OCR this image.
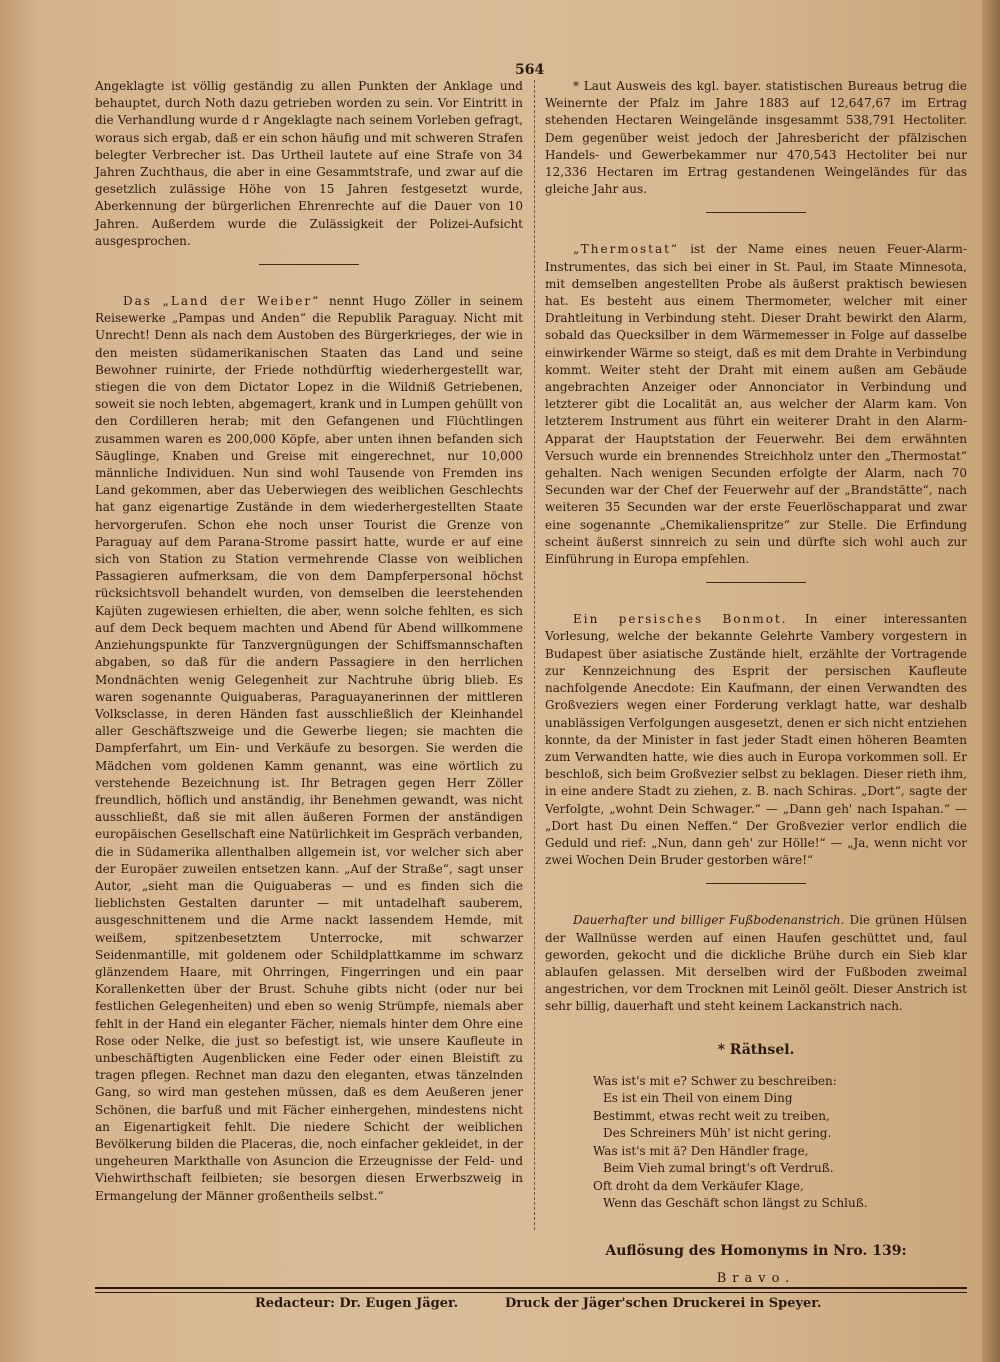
564

Angeklagte ist völlig geständig zu allen Punkten der Anklage und behauptet, durch Noth dazu getrieben worden zu sein. Vor Eintritt in die Verhandlung wurde d r Angeklagte nach seinem Vorleben gefragt, woraus sich ergab, daß er ein schon häufig und mit schweren Strafen belegter Verbrecher ist. Das Urtheil lautete auf eine Strafe von 34 Jahren Zuchthaus, die aber in eine Gesammtstrafe, und zwar auf die gesetzlich zulässige Höhe von 15 Jahren festgesetzt wurde, Aberkennung der bürgerlichen Ehrenrechte auf die Dauer von 10 Jahren. Außerdem wurde die Zulässigkeit der Polizei-Aufsicht ausgesprochen.

Das „Land der Weiber“ nennt Hugo Zöller in seinem Reisewerke „Pampas und Anden“ die Republik Paraguay. Nicht mit Unrecht! Denn als nach dem Austoben des Bürgerkrieges, der wie in den meisten südamerikanischen Staaten das Land und seine Bewohner ruinirte, der Friede nothdürftig wiederhergestellt war, stiegen die von dem Dictator Lopez in die Wildniß Getriebenen, soweit sie noch lebten, abgemagert, krank und in Lumpen gehüllt von den Cordilleren herab; mit den Gefangenen und Flüchtlingen zusammen waren es 200,000 Köpfe, aber unten ihnen befanden sich Säuglinge, Knaben und Greise mit eingerechnet, nur 10,000 männliche Individuen. Nun sind wohl Tausende von Fremden ins Land gekommen, aber das Ueberwiegen des weiblichen Geschlechts hat ganz eigenartige Zustände in dem wiederhergestellten Staate hervorgerufen. Schon ehe noch unser Tourist die Grenze von Paraguay auf dem Parana-Strome passirt hatte, wurde er auf eine sich von Station zu Station vermehrende Classe von weiblichen Passagieren aufmerksam, die von dem Dampferpersonal höchst rücksichtsvoll behandelt wurden, von demselben die leerstehenden Kajüten zugewiesen erhielten, die aber, wenn solche fehlten, es sich auf dem Deck bequem machten und Abend für Abend willkommene Anziehungspunkte für Tanzvergnügungen der Schiffsmannschaften abgaben, so daß für die andern Passagiere in den herrlichen Mondnächten wenig Gelegenheit zur Nachtruhe übrig blieb. Es waren sogenannte Quiguaberas, Paraguayanerinnen der mittleren Volksclasse, in deren Händen fast ausschließlich der Kleinhandel aller Geschäftszweige und die Gewerbe liegen; sie machten die Dampferfahrt, um Ein- und Verkäufe zu besorgen. Sie werden die Mädchen vom goldenen Kamm genannt, was eine wörtlich zu verstehende Bezeichnung ist. Ihr Betragen gegen Herr Zöller freundlich, höflich und anständig, ihr Benehmen gewandt, was nicht ausschließt, daß sie mit allen äußeren Formen der anständigen europäischen Gesellschaft eine Natürlichkeit im Gespräch verbanden, die in Südamerika allenthalben allgemein ist, vor welcher sich aber der Europäer zuweilen entsetzen kann. „Auf der Straße“, sagt unser Autor, „sieht man die Quiguaberas — und es finden sich die lieblichsten Gestalten darunter — mit untadelhaft sauberem, ausgeschnittenem und die Arme nackt lassendem Hemde, mit weißem, spitzenbesetztem Unterrocke, mit schwarzer Seidenmantille, mit goldenem oder Schildplattkamme im schwarz glänzendem Haare, mit Ohrringen, Fingerringen und ein paar Korallenketten über der Brust. Schuhe gibts nicht (oder nur bei festlichen Gelegenheiten) und eben so wenig Strümpfe, niemals aber fehlt in der Hand ein eleganter Fächer, niemals hinter dem Ohre eine Rose oder Nelke, die just so befestigt ist, wie unsere Kaufleute in unbeschäftigten Augenblicken eine Feder oder einen Bleistift zu tragen pflegen. Rechnet man dazu den eleganten, etwas tänzelnden Gang, so wird man gestehen müssen, daß es dem Aeußeren jener Schönen, die barfuß und mit Fächer einhergehen, mindestens nicht an Eigenartigkeit fehlt. Die niedere Schicht der weiblichen Bevölkerung bilden die Placeras, die, noch einfacher gekleidet, in der ungeheuren Markthalle von Asuncion die Erzeugnisse der Feld- und Viehwirthschaft feilbieten; sie besorgen diesen Erwerbszweig in Ermangelung der Männer großentheils selbst.“

* Laut Ausweis des kgl. bayer. statistischen Bureaus betrug die Weinernte der Pfalz im Jahre 1883 auf 12,647,67 im Ertrag stehenden Hectaren Weingelände insgesammt 538,791 Hectoliter. Dem gegenüber weist jedoch der Jahresbericht der pfälzischen Handels- und Gewerbekammer nur 470,543 Hectoliter bei nur 12,336 Hectaren im Ertrag gestandenen Weingeländes für das gleiche Jahr aus.

„Thermostat“ ist der Name eines neuen Feuer-Alarm-Instrumentes, das sich bei einer in St. Paul, im Staate Minnesota, mit demselben angestellten Probe als äußerst praktisch bewiesen hat. Es besteht aus einem Thermometer, welcher mit einer Drahtleitung in Verbindung steht. Dieser Draht bewirkt den Alarm, sobald das Quecksilber in dem Wärmemesser in Folge auf dasselbe einwirkender Wärme so steigt, daß es mit dem Drahte in Verbindung kommt. Weiter steht der Draht mit einem außen am Gebäude angebrachten Anzeiger oder Annonciator in Verbindung und letzterer gibt die Localität an, aus welcher der Alarm kam. Von letzterem Instrument aus führt ein weiterer Draht in den Alarm-Apparat der Hauptstation der Feuerwehr. Bei dem erwähnten Versuch wurde ein brennendes Streichholz unter den „Thermostat“ gehalten. Nach wenigen Secunden erfolgte der Alarm, nach 70 Secunden war der Chef der Feuerwehr auf der „Brandstätte“, nach weiteren 35 Secunden war der erste Feuerlöschapparat und zwar eine sogenannte „Chemikalienspritze“ zur Stelle. Die Erfindung scheint äußerst sinnreich zu sein und dürfte sich wohl auch zur Einführung in Europa empfehlen.

Ein persisches Bonmot. In einer interessanten Vorlesung, welche der bekannte Gelehrte Vambery vorgestern in Budapest über asiatische Zustände hielt, erzählte der Vortragende zur Kennzeichnung des Esprit der persischen Kaufleute nachfolgende Anecdote: Ein Kaufmann, der einen Verwandten des Großveziers wegen einer Forderung verklagt hatte, war deshalb unablässigen Verfolgungen ausgesetzt, denen er sich nicht entziehen konnte, da der Minister in fast jeder Stadt einen höheren Beamten zum Verwandten hatte, wie dies auch in Europa vorkommen soll. Er beschloß, sich beim Großvezier selbst zu beklagen. Dieser rieth ihm, in eine andere Stadt zu ziehen, z. B. nach Schiras. „Dort“, sagte der Verfolgte, „wohnt Dein Schwager.“ — „Dann geh' nach Ispahan.“ — „Dort hast Du einen Neffen.“ Der Großvezier verlor endlich die Geduld und rief: „Nun, dann geh' zur Hölle!“ — „Ja, wenn nicht vor zwei Wochen Dein Bruder gestorben wäre!“

Dauerhafter und billiger Fußbodenanstrich. Die grünen Hülsen der Wallnüsse werden auf einen Haufen geschüttet und, faul geworden, gekocht und die dickliche Brühe durch ein Sieb klar ablaufen gelassen. Mit derselben wird der Fußboden zweimal angestrichen, vor dem Trocknen mit Leinöl geölt. Dieser Anstrich ist sehr billig, dauerhaft und steht keinem Lackanstrich nach.

* Räthsel.
Was ist's mit e? Schwer zu beschreiben:
Es ist ein Theil von einem Ding
Bestimmt, etwas recht weit zu treiben,
Des Schreiners Müh' ist nicht gering.
Was ist's mit ä? Den Händler frage,
Beim Vieh zumal bringt's oft Verdruß.
Oft droht da dem Verkäufer Klage,
Wenn das Geschäft schon längst zu Schluß.
Auflösung des Homonyms in Nro. 139:
Bravo.
Redacteur: Dr. Eugen Jäger.	Druck der Jäger'schen Druckerei in Speyer.
